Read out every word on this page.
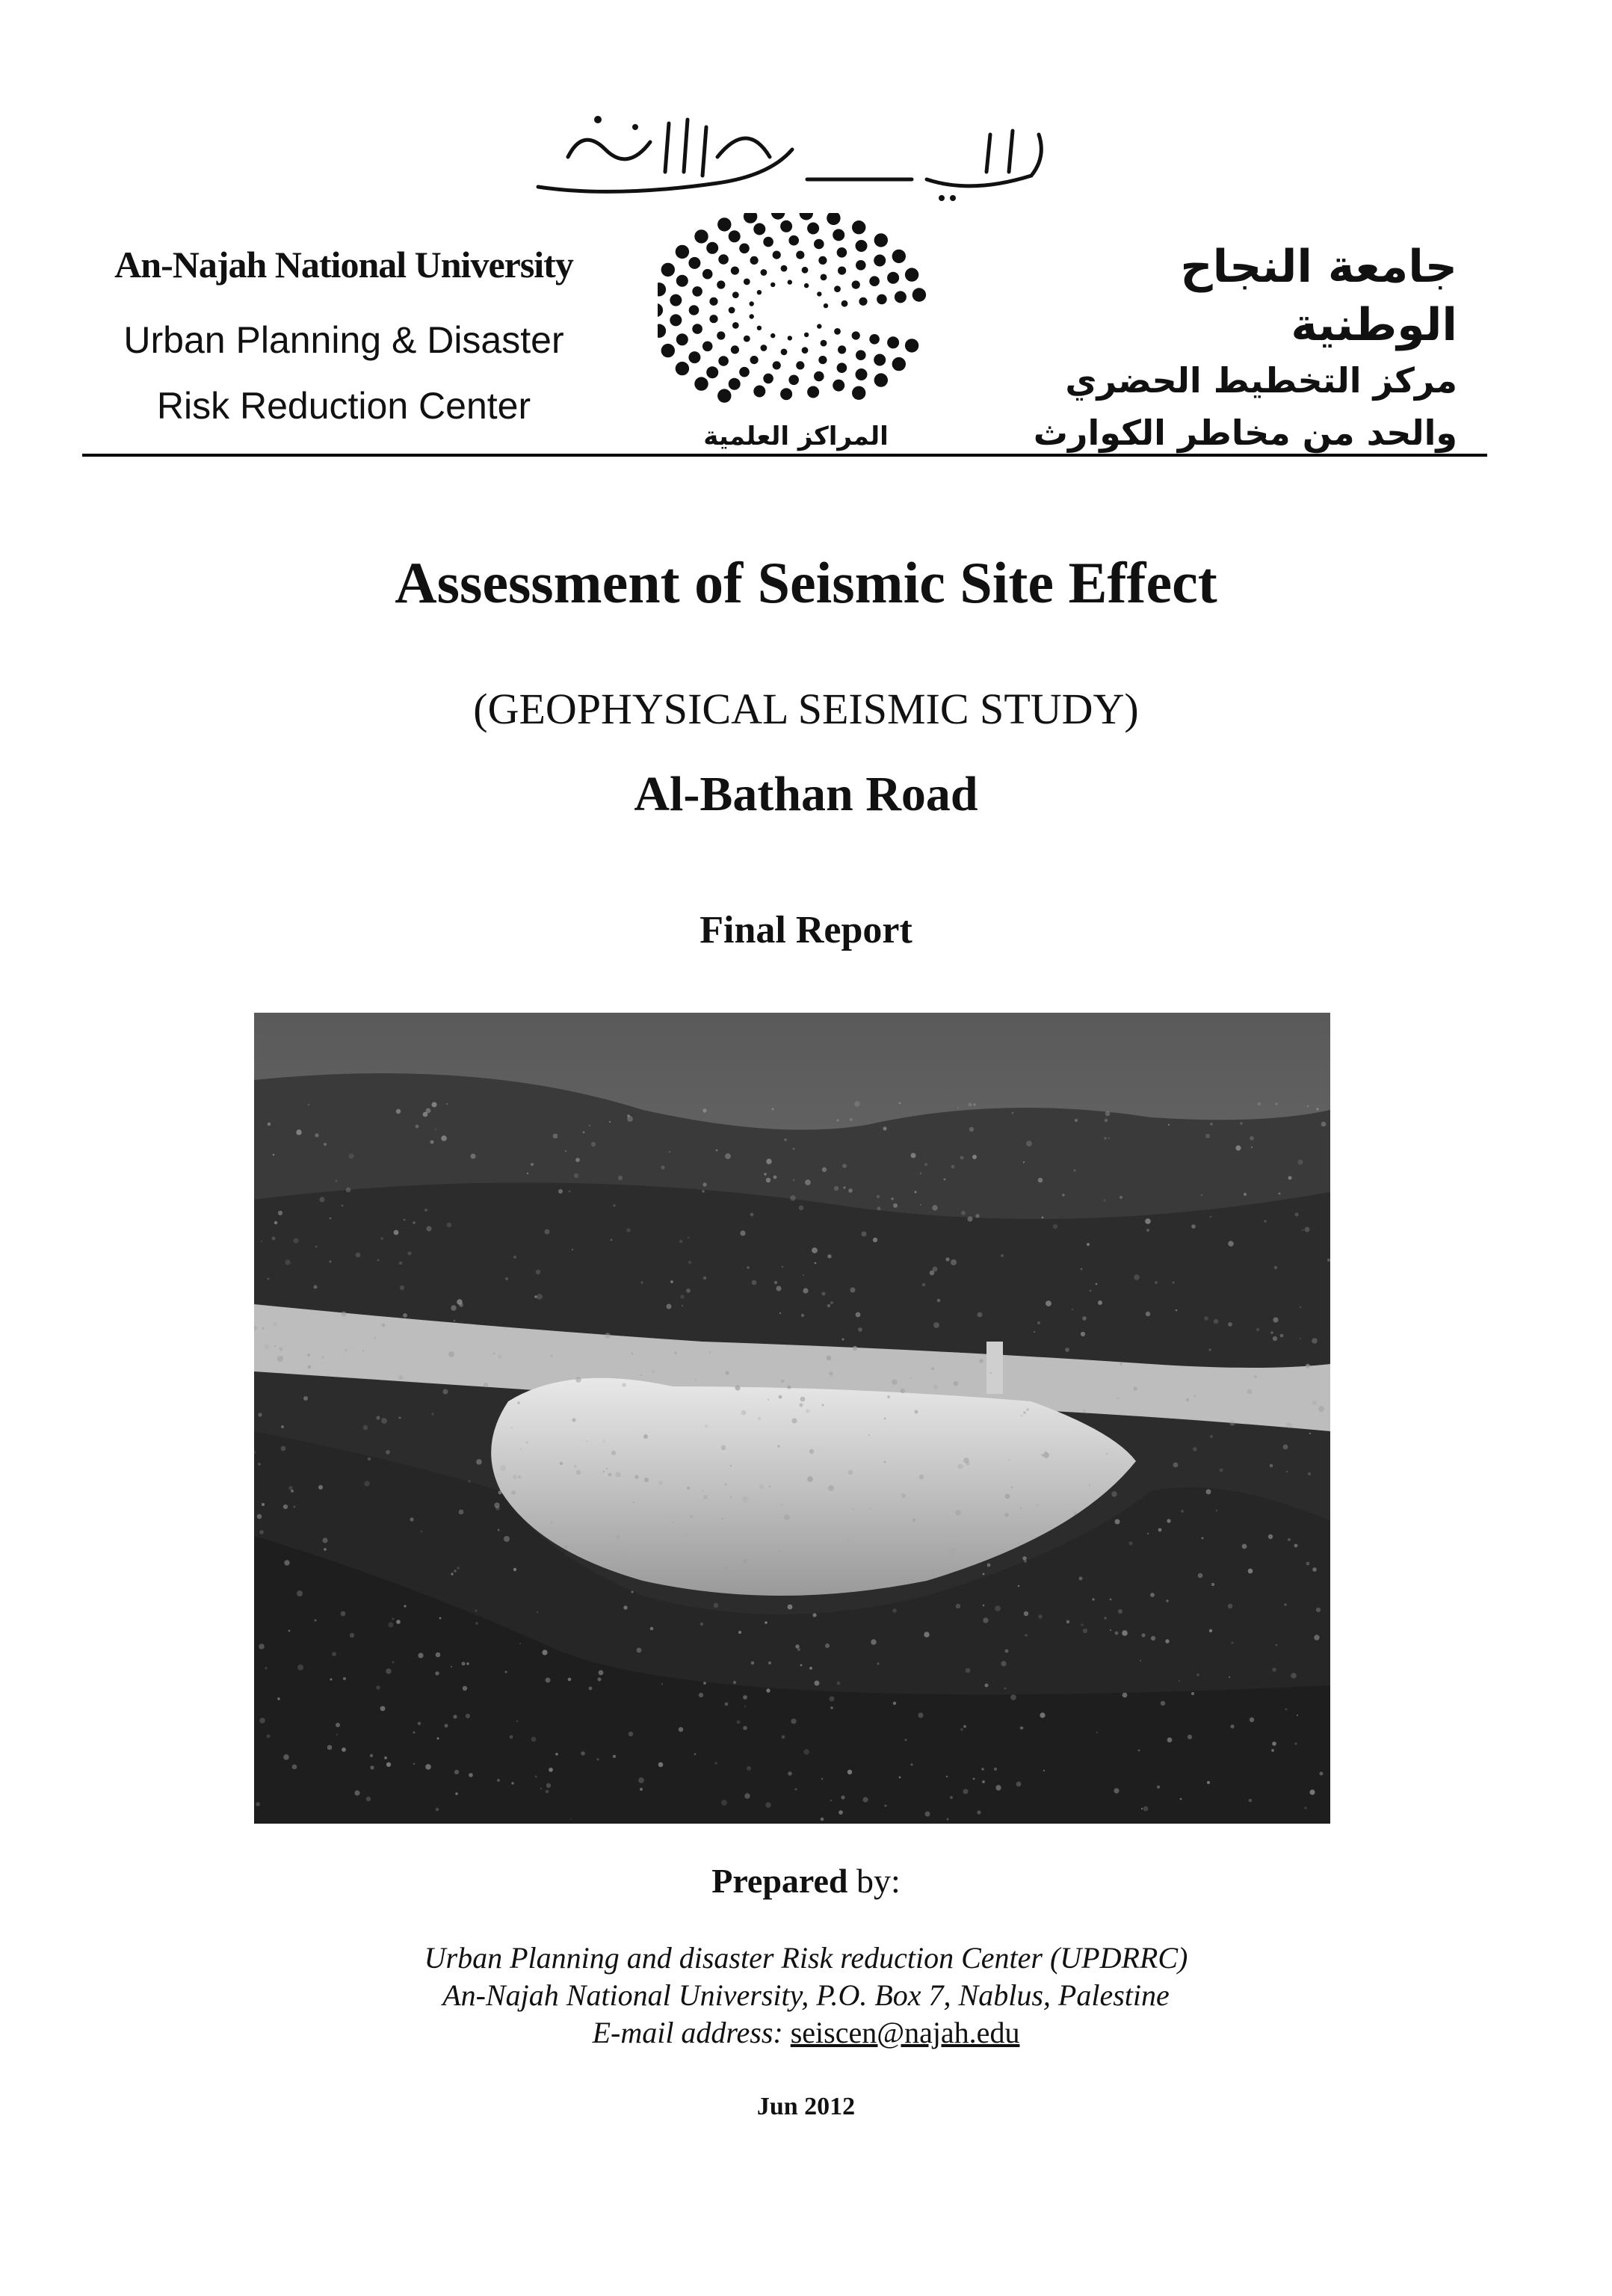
An-Najah National University
Urban Planning & Disaster
Risk Reduction Center
المراكز العلمية
جامعة النجاح الوطنية
مركز التخطيط الحضري
والحد من مخاطر الكوارث
Assessment of Seismic Site Effect
(GEOPHYSICAL SEISMIC STUDY)
Al-Bathan Road
Final Report
Prepared by:
Urban Planning and disaster Risk reduction Center (UPDRRC)
An-Najah National University, P.O. Box 7, Nablus, Palestine
E-mail address: seiscen@najah.edu
Jun 2012
